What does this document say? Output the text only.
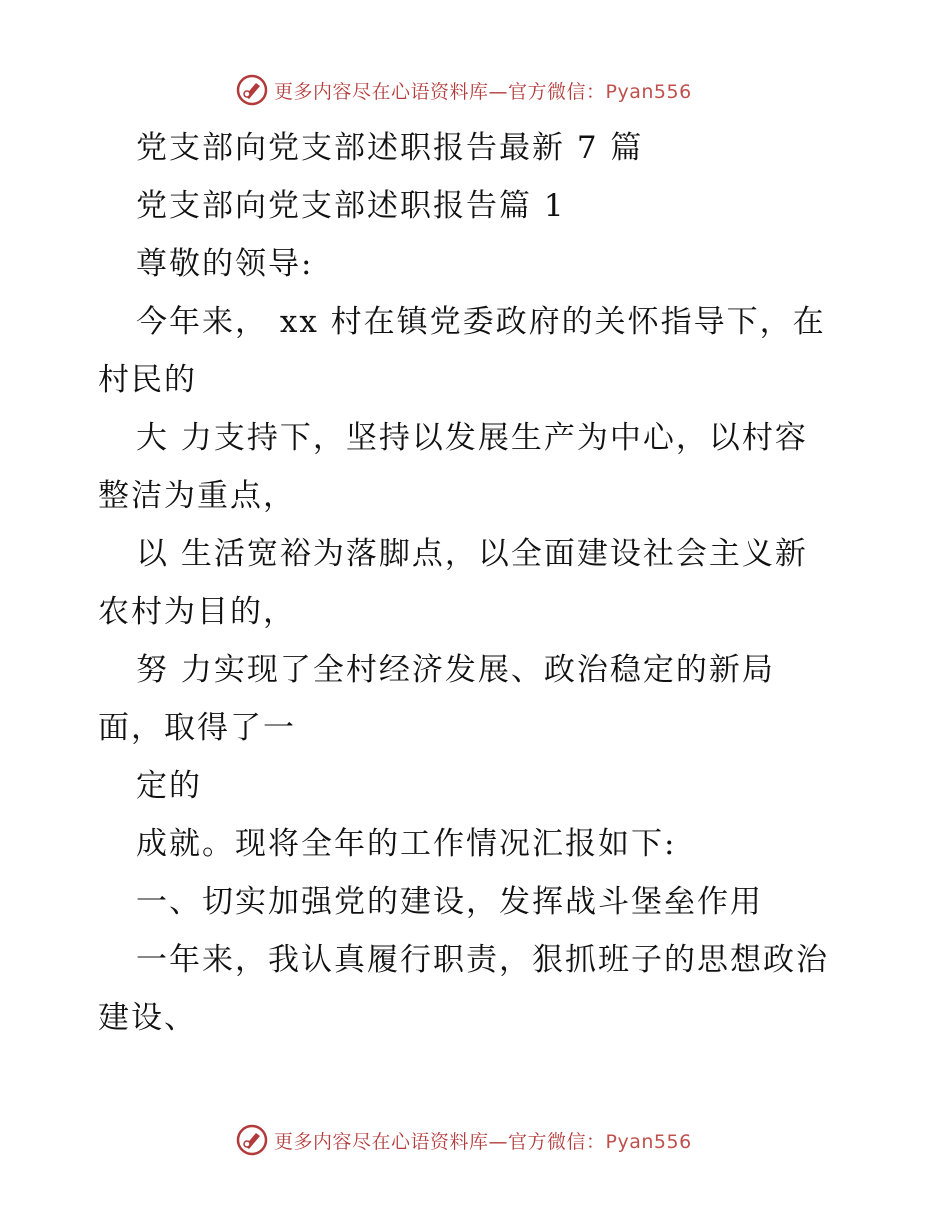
更多内容尽在心语资料库—官方微信：Pyan556
党支部向党支部述职报告最新 7 篇
党支部向党支部述职报告篇 1
尊敬的领导:
今年来， xx 村在镇党委政府的关怀指导下，在
村民的
大 力支持下，坚持以发展生产为中心，以村容
整洁为重点，
以 生活宽裕为落脚点，以全面建设社会主义新
农村为目的，
努 力实现了全村经济发展、政治稳定的新局
面，取得了一
定的
成就。现将全年的工作情况汇报如下:
一、切实加强党的建设，发挥战斗堡垒作用
一年来，我认真履行职责，狠抓班子的思想政治
建设、
更多内容尽在心语资料库—官方微信：Pyan556
